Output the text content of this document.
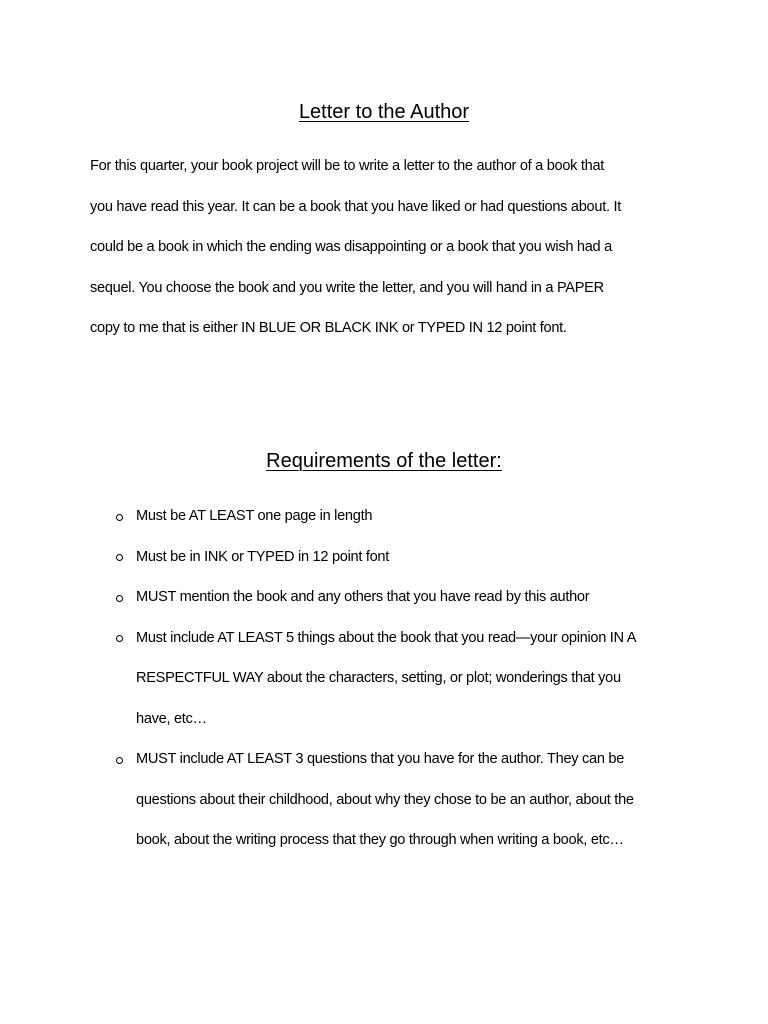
Letter to the Author

For this quarter, your book project will be to write a letter to the author of a book that
you have read this year. It can be a book that you have liked or had questions about. It
could be a book in which the ending was disappointing or a book that you wish had a
sequel. You choose the book and you write the letter, and you will hand in a PAPER
copy to me that is either IN BLUE OR BLACK INK or TYPED IN 12 point font.

Requirements of the letter:
Must be AT LEAST one page in length
Must be in INK or TYPED in 12 point font
MUST mention the book and any others that you have read by this author
Must include AT LEAST 5 things about the book that you read—your opinion IN A
RESPECTFUL WAY about the characters, setting, or plot; wonderings that you
have, etc…
MUST include AT LEAST 3 questions that you have for the author. They can be
questions about their childhood, about why they chose to be an author, about the
book, about the writing process that they go through when writing a book, etc…
